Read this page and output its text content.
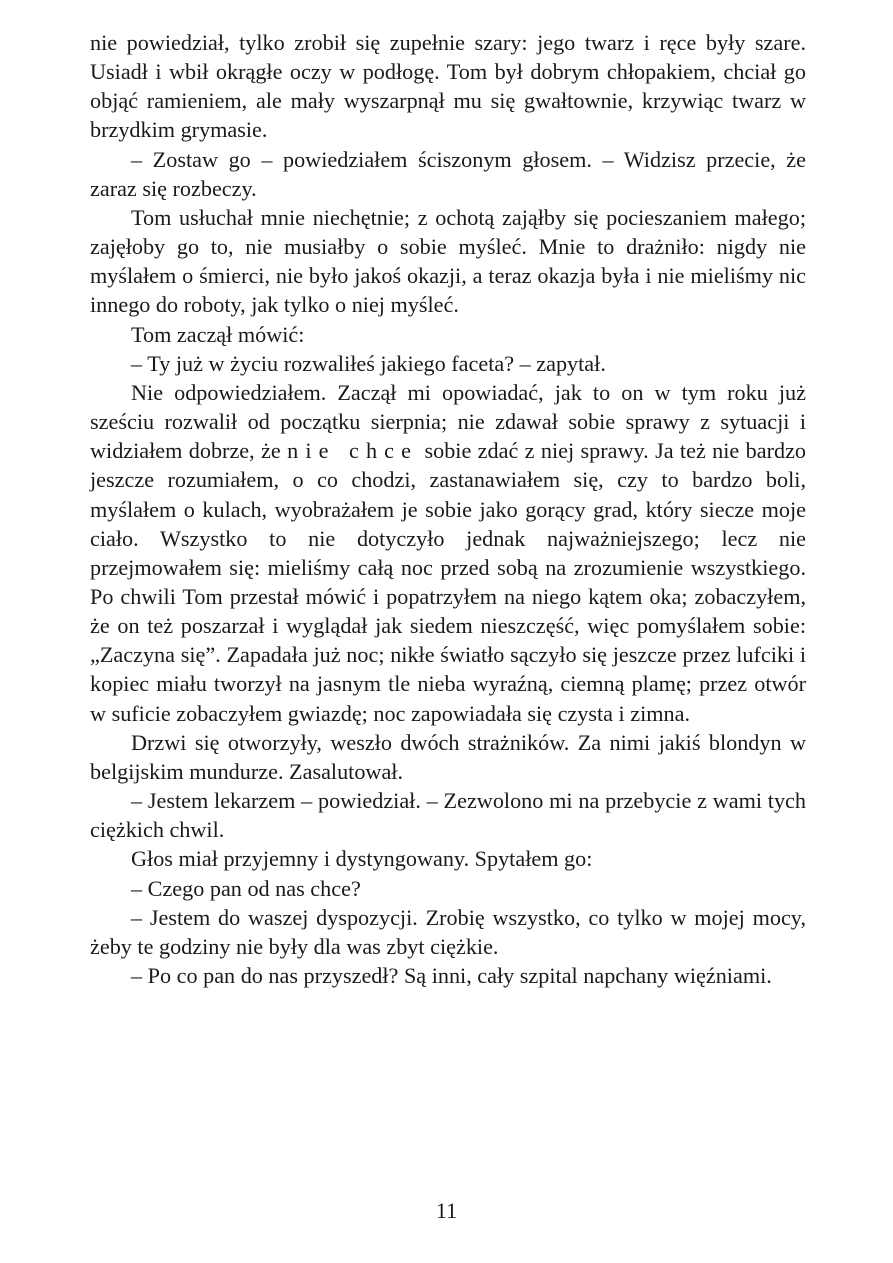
nie powiedział, tylko zrobił się zupełnie szary: jego twarz i ręce były szare. Usiadł i wbił okrągłe oczy w podłogę. Tom był dobrym chłopakiem, chciał go objąć ramieniem, ale mały wyszarpnął mu się gwałtownie, krzywiąc twarz w brzydkim grymasie.

– Zostaw go – powiedziałem ściszonym głosem. – Widzisz przecie, że zaraz się rozbeczy.

Tom usłuchał mnie niechętnie; z ochotą zająłby się pocieszaniem małego; zajęłoby go to, nie musiałby o sobie myśleć. Mnie to drażniło: nigdy nie myślałem o śmierci, nie było jakoś okazji, a teraz okazja była i nie mieliśmy nic innego do roboty, jak tylko o niej myśleć.

Tom zaczął mówić:

– Ty już w życiu rozwaliłeś jakiego faceta? – zapytał.

Nie odpowiedziałem. Zaczął mi opowiadać, jak to on w tym roku już sześciu rozwalił od początku sierpnia; nie zdawał sobie sprawy z sytuacji i widziałem dobrze, że nie chce sobie zdać z niej sprawy. Ja też nie bardzo jeszcze rozumiałem, o co chodzi, zastanawiałem się, czy to bardzo boli, myślałem o kulach, wyobrażałem je sobie jako gorący grad, który siecze moje ciało. Wszystko to nie dotyczyło jednak najważniejszego; lecz nie przejmowałem się: mieliśmy całą noc przed sobą na zrozumienie wszystkiego. Po chwili Tom przestał mówić i popatrzyłem na niego kątem oka; zobaczyłem, że on też poszarzał i wyglądał jak siedem nieszczęść, więc pomyślałem sobie: „Zaczyna się”. Zapadała już noc; nikłe światło sączyło się jeszcze przez lufciki i kopiec miału tworzył na jasnym tle nieba wyraźną, ciemną plamę; przez otwór w suficie zobaczyłem gwiazdę; noc zapowiadała się czysta i zimna.

Drzwi się otworzyły, weszło dwóch strażników. Za nimi jakiś blondyn w belgijskim mundurze. Zasalutował.

– Jestem lekarzem – powiedział. – Zezwolono mi na przebycie z wami tych ciężkich chwil.

Głos miał przyjemny i dystyngowany. Spytałem go:

– Czego pan od nas chce?

– Jestem do waszej dyspozycji. Zrobię wszystko, co tylko w mojej mocy, żeby te godziny nie były dla was zbyt ciężkie.

– Po co pan do nas przyszedł? Są inni, cały szpital napchany więźniami.

11
